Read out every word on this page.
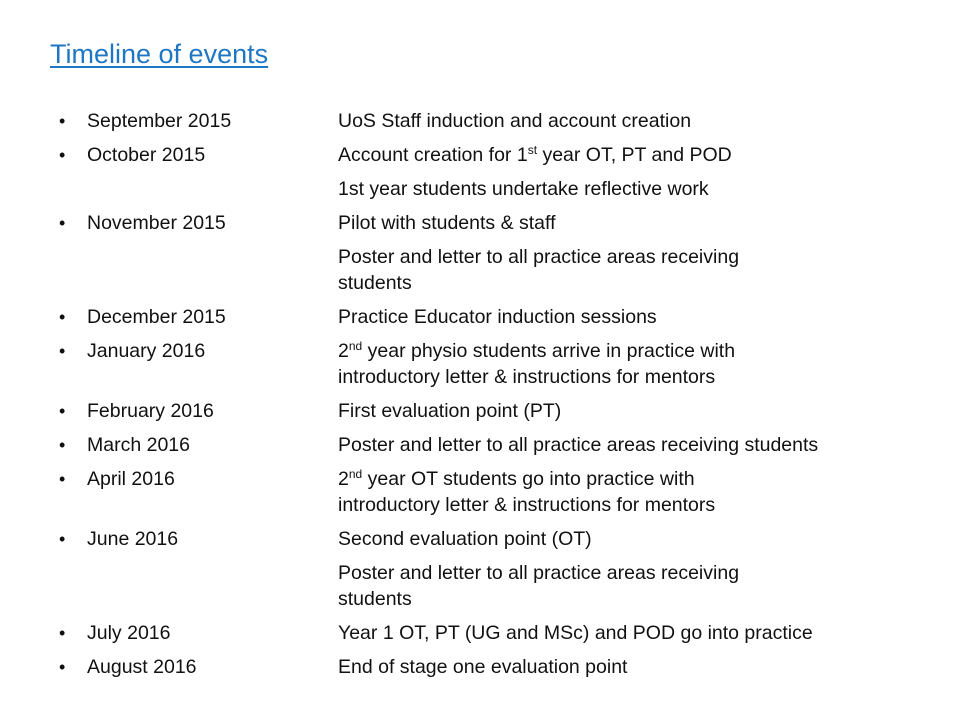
Timeline of events
•	September 2015	UoS Staff induction and account creation
•	October 2015	Account creation for 1st year OT, PT and POD
1st year students undertake reflective work
•	November 2015	Pilot with students & staff
Poster and letter to all practice areas receiving
students
•	December 2015	Practice Educator induction sessions
•	January 2016	2nd year physio students arrive in practice with
introductory letter & instructions for mentors
•	February 2016	First evaluation point (PT)
•	March 2016	Poster and letter to all practice areas receiving students
•	April 2016	2nd year OT students go into practice with
introductory letter & instructions for mentors
•	June 2016	Second evaluation point (OT)
Poster and letter to all practice areas receiving
students
•	July 2016	Year 1 OT, PT (UG and MSc) and POD go into practice
•	August 2016	End of stage one evaluation point
